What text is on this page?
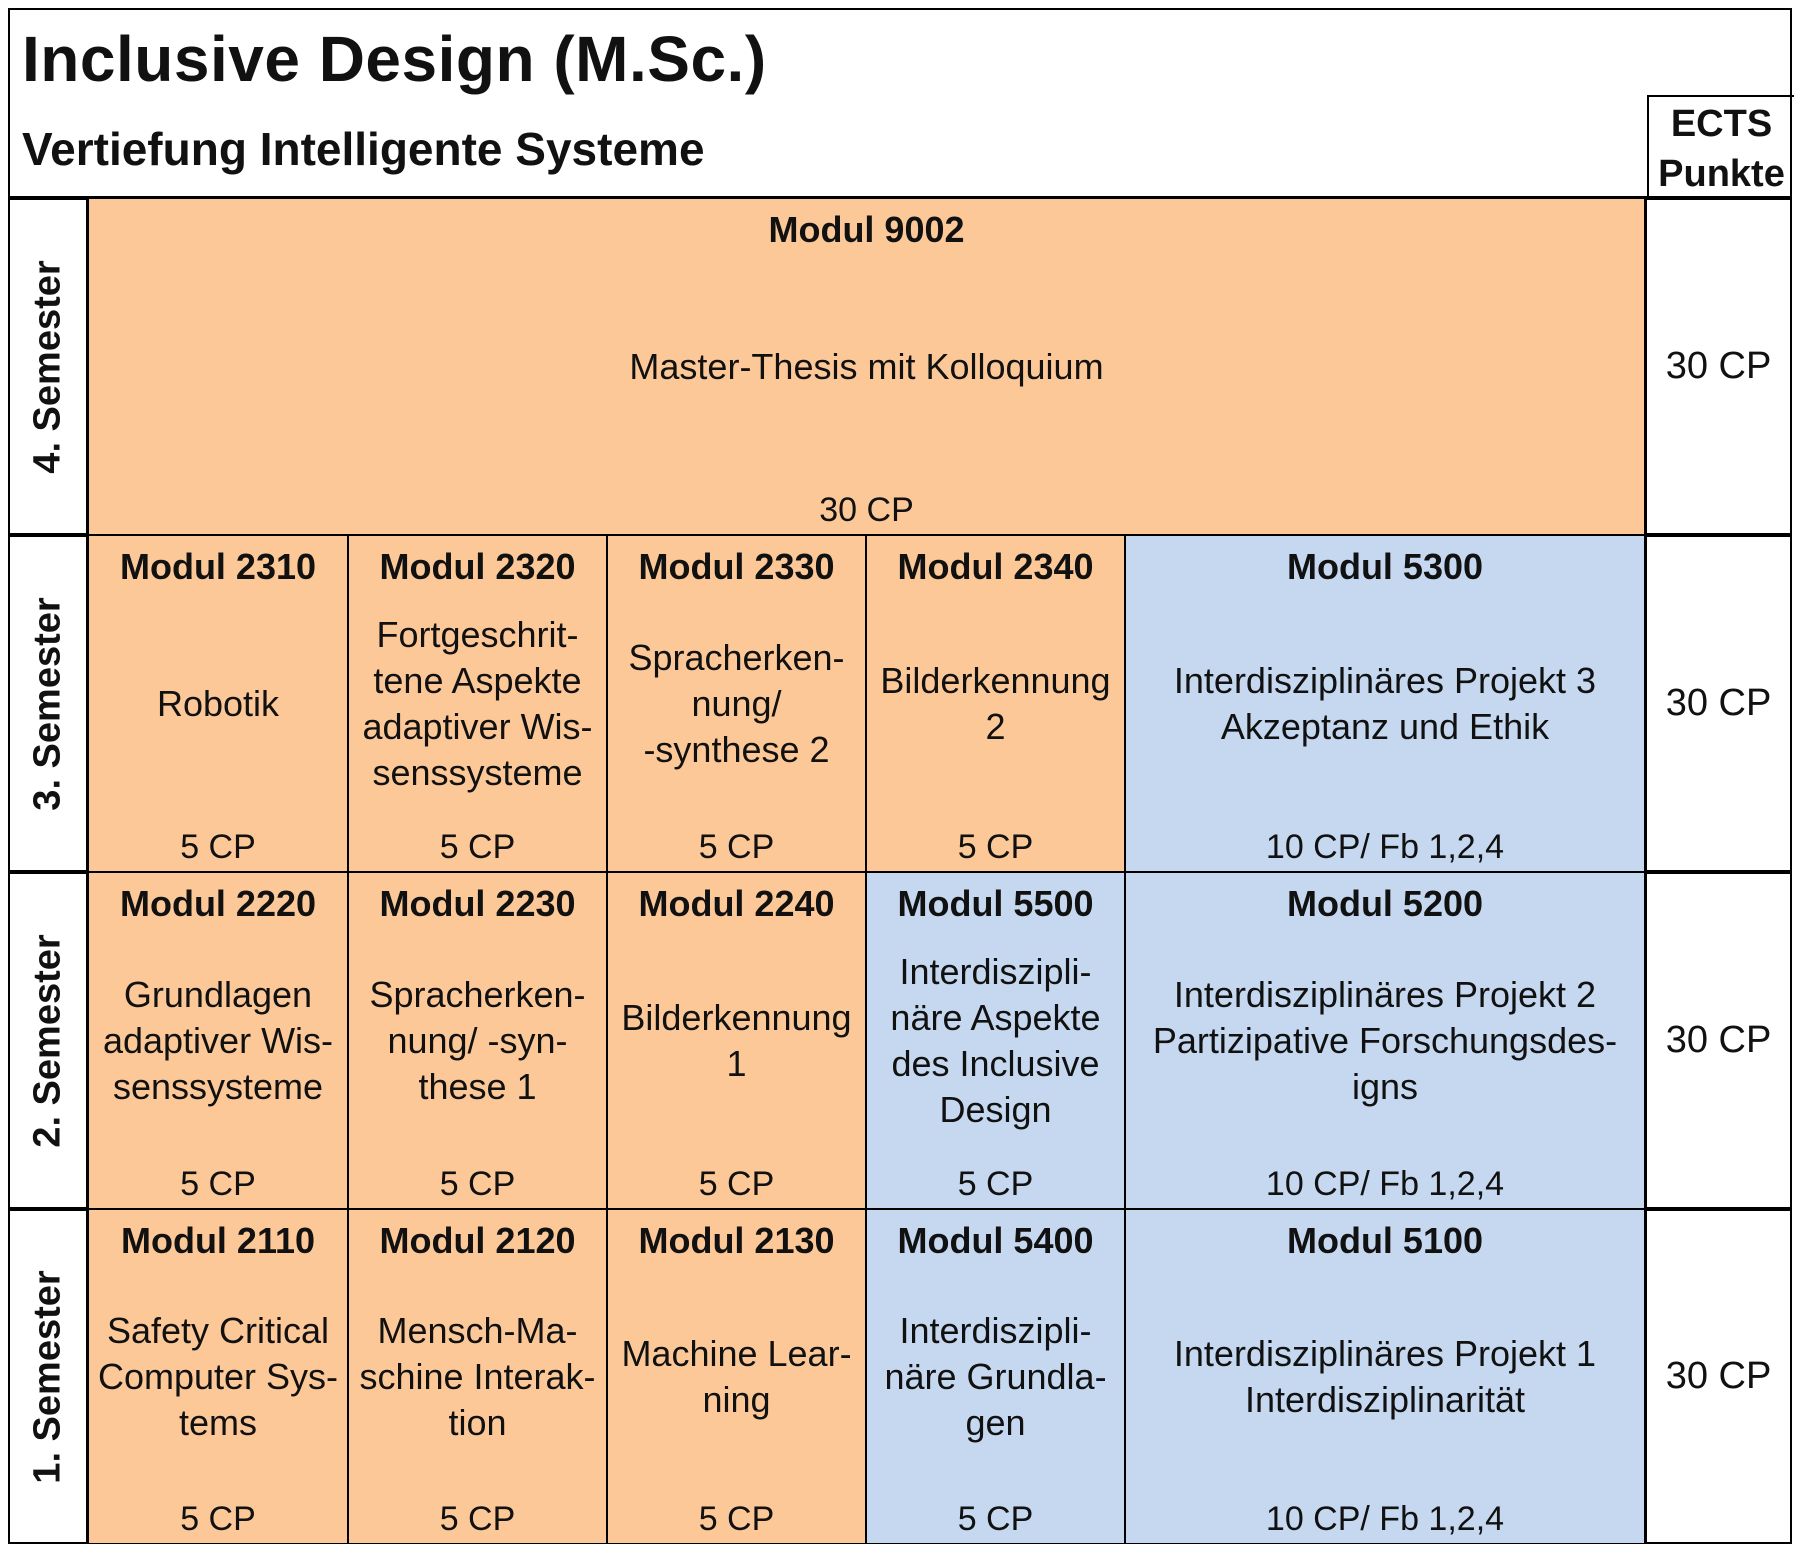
Inclusive Design (M.Sc.)
Vertiefung Intelligente Systeme	ECTS
Punkte
4. Semester
Modul 9002
Master-Thesis mit Kolloquium
30 CP
30 CP
3. Semester
Modul 2310
Robotik
5 CP
Modul 2320
Fortgeschrit-
tene Aspekte
adaptiver Wis-
senssysteme
5 CP
Modul 2330
Spracherken-
nung/
-synthese 2
5 CP
Modul 2340
Bilderkennung
2
5 CP
Modul 5300
Interdisziplinäres Projekt 3
Akzeptanz und Ethik
10 CP/ Fb 1,2,4
30 CP
2. Semester
Modul 2220
Grundlagen
adaptiver Wis-
senssysteme
5 CP
Modul 2230
Spracherken-
nung/ -syn-
these 1
5 CP
Modul 2240
Bilderkennung
1
5 CP
Modul 5500
Interdiszipli-
näre Aspekte
des Inclusive
Design
5 CP
Modul 5200
Interdisziplinäres Projekt 2
Partizipative Forschungsdes-
igns
10 CP/ Fb 1,2,4
30 CP
1. Semester
Modul 2110
Safety Critical
Computer Sys-
tems
5 CP
Modul 2120
Mensch-Ma-
schine Interak-
tion
5 CP
Modul 2130
Machine Lear-
ning
5 CP
Modul 5400
Interdiszipli-
näre Grundla-
gen
5 CP
Modul 5100
Interdisziplinäres Projekt 1
Interdisziplinarität
10 CP/ Fb 1,2,4
30 CP
